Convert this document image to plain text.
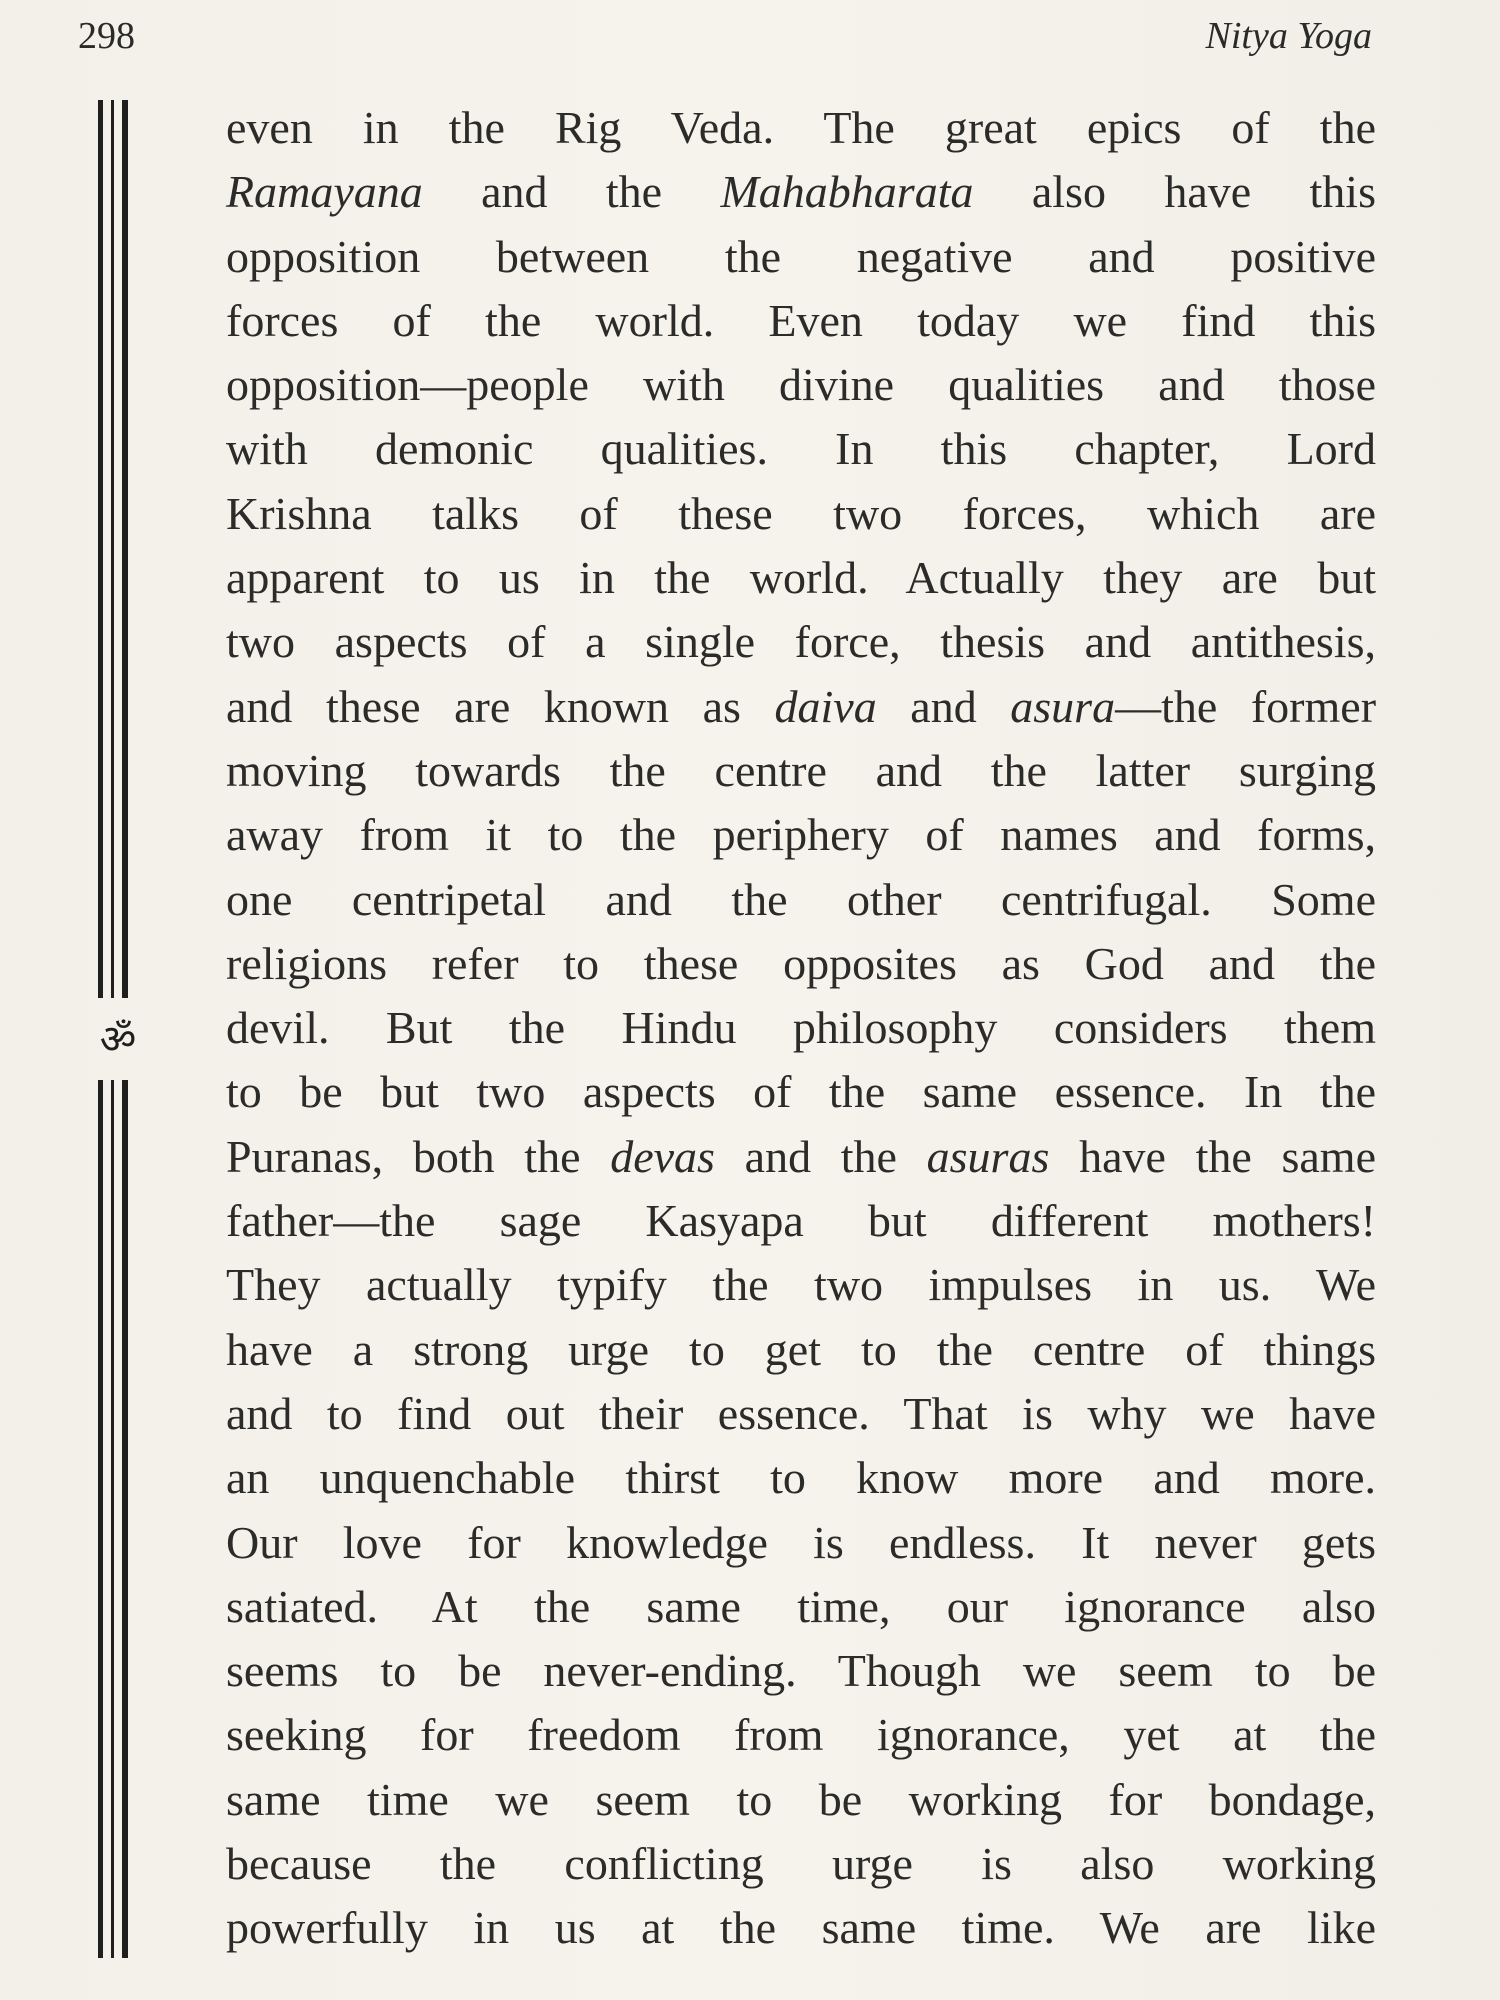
298	Nitya Yoga
ॐ
even in the Rig Veda. The great epics of the
Ramayana and the Mahabharata also have this
opposition between the negative and positive
forces of the world. Even today we find this
opposition—people with divine qualities and those
with demonic qualities. In this chapter, Lord
Krishna talks of these two forces, which are
apparent to us in the world. Actually they are but
two aspects of a single force, thesis and antithesis,
and these are known as daiva and asura—the former
moving towards the centre and the latter surging
away from it to the periphery of names and forms,
one centripetal and the other centrifugal. Some
religions refer to these opposites as God and the
devil. But the Hindu philosophy considers them
to be but two aspects of the same essence. In the
Puranas, both the devas and the asuras have the same
father—the sage Kasyapa but different mothers!
They actually typify the two impulses in us. We
have a strong urge to get to the centre of things
and to find out their essence. That is why we have
an unquenchable thirst to know more and more.
Our love for knowledge is endless. It never gets
satiated. At the same time, our ignorance also
seems to be never-ending. Though we seem to be
seeking for freedom from ignorance, yet at the
same time we seem to be working for bondage,
because the conflicting urge is also working
powerfully in us at the same time. We are like
